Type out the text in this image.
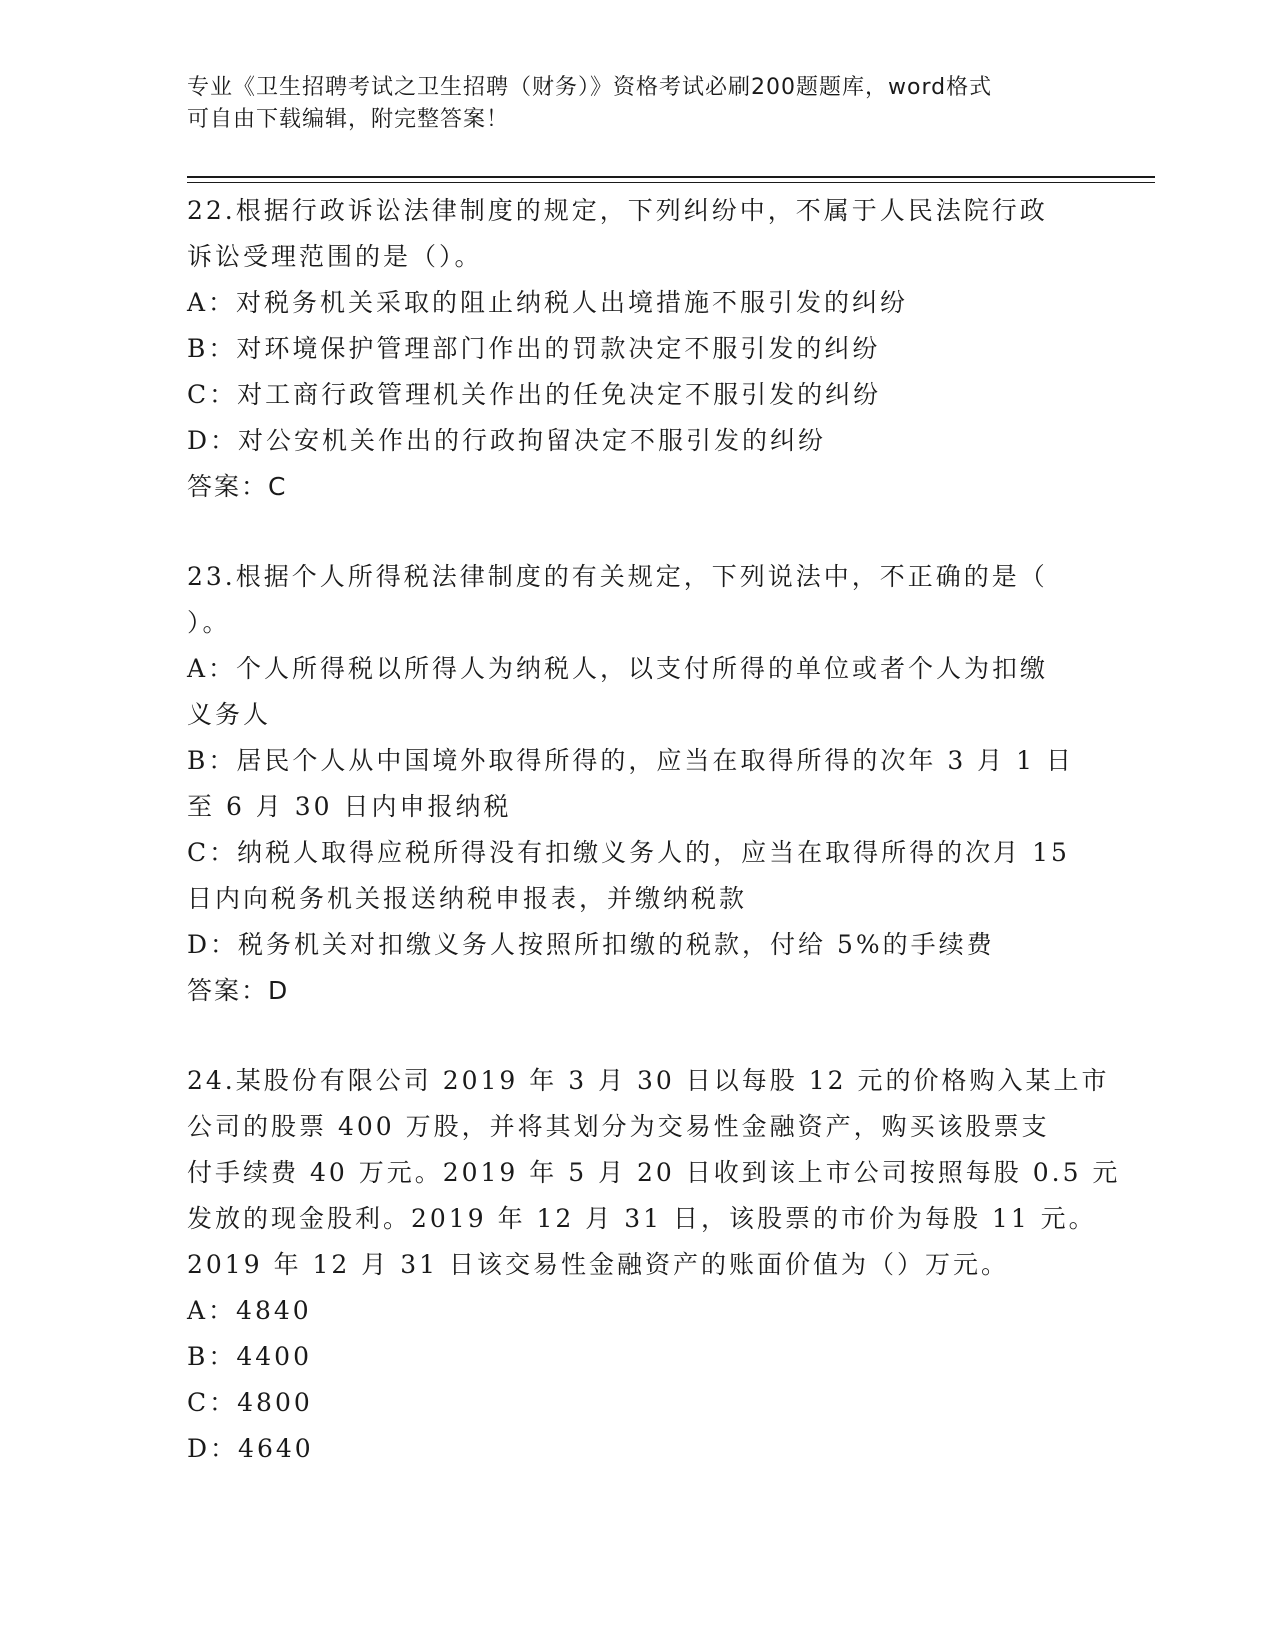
专业《卫生招聘考试之卫生招聘（财务）》资格考试必刷200题题库，word格式
可自由下载编辑，附完整答案！
22.根据行政诉讼法律制度的规定，下列纠纷中，不属于人民法院行政
诉讼受理范围的是（）。
A：对税务机关采取的阻止纳税人出境措施不服引发的纠纷
B：对环境保护管理部门作出的罚款决定不服引发的纠纷
C：对工商行政管理机关作出的任免决定不服引发的纠纷
D：对公安机关作出的行政拘留决定不服引发的纠纷
答案：C
23.根据个人所得税法律制度的有关规定，下列说法中，不正确的是（
）。
A：个人所得税以所得人为纳税人，以支付所得的单位或者个人为扣缴
义务人
B：居民个人从中国境外取得所得的，应当在取得所得的次年 3 月 1 日
至 6 月 30 日内申报纳税
C：纳税人取得应税所得没有扣缴义务人的，应当在取得所得的次月 15
日内向税务机关报送纳税申报表，并缴纳税款
D：税务机关对扣缴义务人按照所扣缴的税款，付给 5%的手续费
答案：D
24.某股份有限公司 2019 年 3 月 30 日以每股 12 元的价格购入某上市
公司的股票 400 万股，并将其划分为交易性金融资产，购买该股票支
付手续费 40 万元。2019 年 5 月 20 日收到该上市公司按照每股 0.5 元
发放的现金股利。2019 年 12 月 31 日，该股票的市价为每股 11 元。
2019 年 12 月 31 日该交易性金融资产的账面价值为（）万元。
A：4840
B：4400
C：4800
D：4640
